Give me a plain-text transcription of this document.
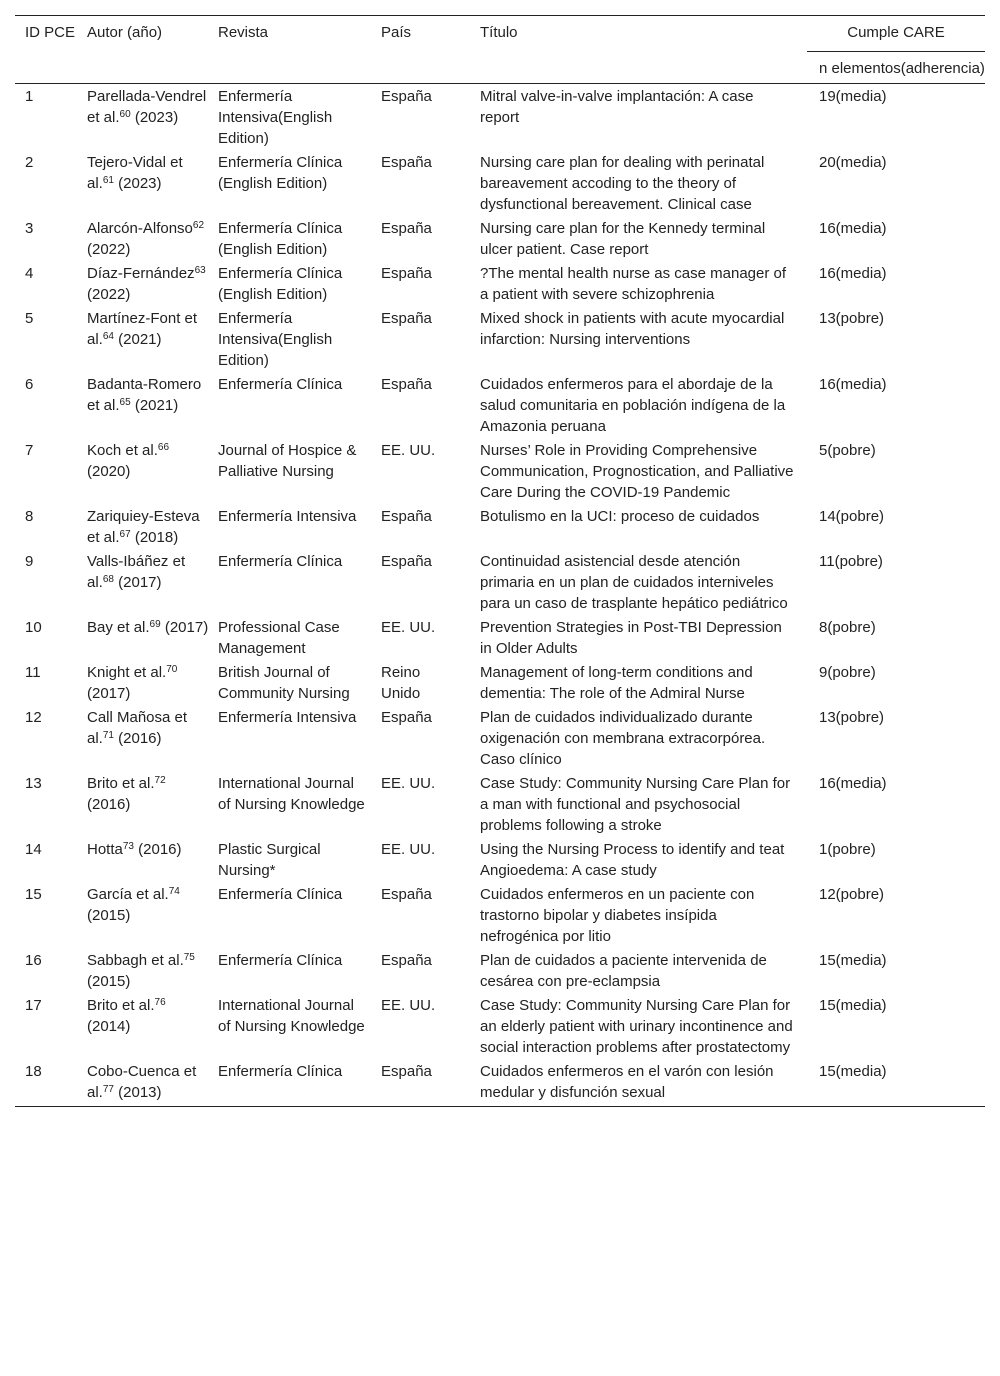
ID PCE	Autor (año)	Revista	País	Título	Cumple CARE
					n elementos(adherencia)
1	Parellada-Vendrel et al.$^{60}$ (2023)	Enfermería Intensiva(English Edition)	España	Mitral valve-in-valve implantación: A case report	19(media)
2	Tejero-Vidal et al.$^{61}$ (2023)	Enfermería Clínica (English Edition)	España	Nursing care plan for dealing with perinatal bareavement accoding to the theory of dysfunctional bereavement. Clinical case	20(media)
3	Alarcón-Alfonso$^{62}$ (2022)	Enfermería Clínica (English Edition)	España	Nursing care plan for the Kennedy terminal ulcer patient. Case report	16(media)
4	Díaz-Fernández$^{63}$ (2022)	Enfermería Clínica (English Edition)	España	?The mental health nurse as case manager of a patient with severe schizophrenia	16(media)
5	Martínez-Font et al.$^{64}$ (2021)	Enfermería Intensiva(English Edition)	España	Mixed shock in patients with acute myocardial infarction: Nursing interventions	13(pobre)
6	Badanta-Romero et al.$^{65}$ (2021)	Enfermería Clínica	España	Cuidados enfermeros para el abordaje de la salud comunitaria en población indígena de la Amazonia peruana	16(media)
7	Koch et al.$^{66}$ (2020)	Journal of Hospice & Palliative Nursing	EE. UU.	Nurses’ Role in Providing Comprehensive Communication, Prognostication, and Palliative Care During the COVID-19 Pandemic	5(pobre)
8	Zariquiey-Esteva et al.$^{67}$ (2018)	Enfermería Intensiva	España	Botulismo en la UCI: proceso de cuidados	14(pobre)
9	Valls-Ibáñez et al.$^{68}$ (2017)	Enfermería Clínica	España	Continuidad asistencial desde atención primaria en un plan de cuidados interniveles para un caso de trasplante hepático pediátrico	11(pobre)
10	Bay et al.$^{69}$ (2017)	Professional Case Management	EE. UU.	Prevention Strategies in Post-TBI Depression in Older Adults	8(pobre)
11	Knight et al.$^{70}$ (2017)	British Journal of Community Nursing	Reino Unido	Management of long-term conditions and dementia: The role of the Admiral Nurse	9(pobre)
12	Call Mañosa et al.$^{71}$ (2016)	Enfermería Intensiva	España	Plan de cuidados individualizado durante oxigenación con membrana extracorpórea. Caso clínico	13(pobre)
13	Brito et al.$^{72}$ (2016)	International Journal of Nursing Knowledge	EE. UU.	Case Study: Community Nursing Care Plan for a man with functional and psychosocial problems following a stroke	16(media)
14	Hotta$^{73}$ (2016)	Plastic Surgical Nursing*	EE. UU.	Using the Nursing Process to identify and teat Angioedema: A case study	1(pobre)
15	García et al.$^{74}$ (2015)	Enfermería Clínica	España	Cuidados enfermeros en un paciente con trastorno bipolar y diabetes insípida nefrogénica por litio	12(pobre)
16	Sabbagh et al.$^{75}$ (2015)	Enfermería Clínica	España	Plan de cuidados a paciente intervenida de cesárea con pre-eclampsia	15(media)
17	Brito et al.$^{76}$ (2014)	International Journal of Nursing Knowledge	EE. UU.	Case Study: Community Nursing Care Plan for an elderly patient with urinary incontinence and social interaction problems after prostatectomy	15(media)
18	Cobo-Cuenca et al.$^{77}$ (2013)	Enfermería Clínica	España	Cuidados enfermeros en el varón con lesión medular y disfunción sexual	15(media)
